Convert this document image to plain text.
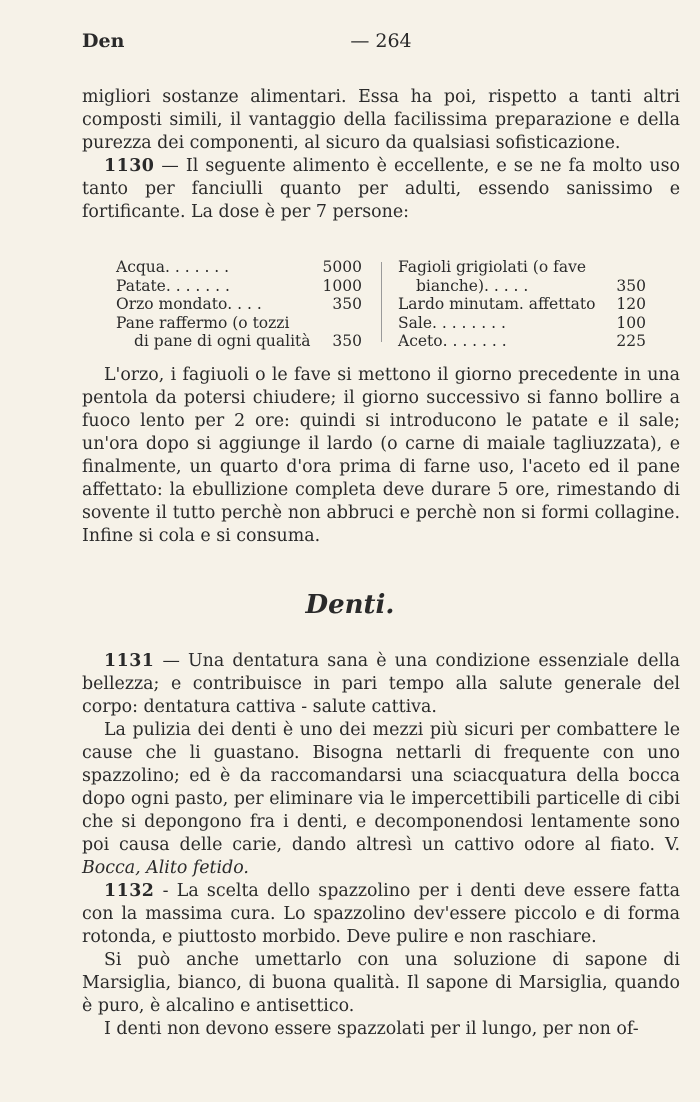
Den	— 264

migliori sostanze alimentari. Essa ha poi, rispetto a tanti altri composti simili, il vantaggio della facilissima preparazione e della purezza dei componenti, al sicuro da qualsiasi sofisticazione.

1130 — Il seguente alimento è eccellente, e se ne fa molto uso tanto per fanciulli quanto per adulti, essendo sanissimo e fortificante. La dose è per 7 persone:

Acqua . . . . . . .	5000
Patate . . . . . . .	1000
Orzo mondato . . . .	350
Pane raffermo (o tozzi
di pane di ogni qualità	350
Fagioli grigiolati (o fave
bianche) . . . . .	350
Lardo minutam. affettato	120
Sale . . . . . . . .	100
Aceto . . . . . . .	225

L'orzo, i fagiuoli o le fave si mettono il giorno precedente in una pentola da potersi chiudere; il giorno successivo si fanno bollire a fuoco lento per 2 ore: quindi si introducono le patate e il sale; un'ora dopo si aggiunge il lardo (o carne di maiale tagliuzzata), e finalmente, un quarto d'ora prima di farne uso, l'aceto ed il pane affettato: la ebullizione completa deve durare 5 ore, rimestando di sovente il tutto perchè non abbruci e perchè non si formi collagine. Infine si cola e si consuma.

Denti.

1131 — Una dentatura sana è una condizione essenziale della bellezza; e contribuisce in pari tempo alla salute generale del corpo: dentatura cattiva - salute cattiva.

La pulizia dei denti è uno dei mezzi più sicuri per combattere le cause che li guastano. Bisogna nettarli di frequente con uno spazzolino; ed è da raccomandarsi una sciacquatura della bocca dopo ogni pasto, per eliminare via le impercettibili particelle di cibi che si depongono fra i denti, e decomponendosi lentamente sono poi causa delle carie, dando altresì un cattivo odore al fiato. V. Bocca, Alito fetido.

1132 - La scelta dello spazzolino per i denti deve essere fatta con la massima cura. Lo spazzolino dev'essere piccolo e di forma rotonda, e piuttosto morbido. Deve pulire e non raschiare.

Si può anche umettarlo con una soluzione di sapone di Marsiglia, bianco, di buona qualità. Il sapone di Marsiglia, quando è puro, è alcalino e antisettico.

I denti non devono essere spazzolati per il lungo, per non of-
